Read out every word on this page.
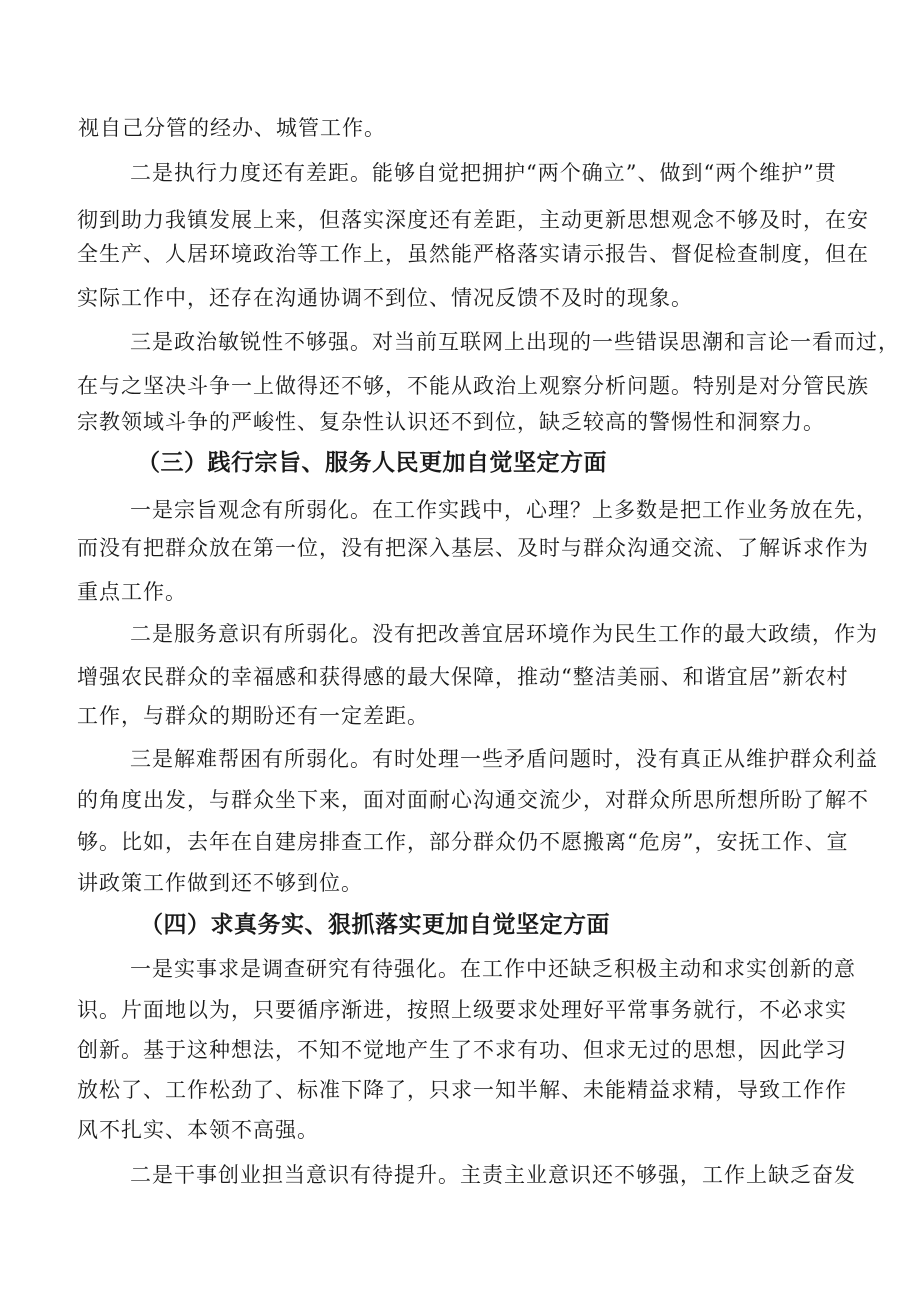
视自己分管的经办、城管工作。
二是执行力度还有差距。能够自觉把拥护“两个确立”、做到“两个维护”贯
彻到助力我镇发展上来，但落实深度还有差距，主动更新思想观念不够及时，在安
全生产、人居环境政治等工作上，虽然能严格落实请示报告、督促检查制度，但在
实际工作中，还存在沟通协调不到位、情况反馈不及时的现象。
三是政治敏锐性不够强。对当前互联网上出现的一些错误思潮和言论一看而过，
在与之坚决斗争一上做得还不够，不能从政治上观察分析问题。特别是对分管民族
宗教领域斗争的严峻性、复杂性认识还不到位，缺乏较高的警惕性和洞察力。
（三）践行宗旨、服务人民更加自觉坚定方面
一是宗旨观念有所弱化。在工作实践中，心理？上多数是把工作业务放在先，
而没有把群众放在第一位，没有把深入基层、及时与群众沟通交流、了解诉求作为
重点工作。
二是服务意识有所弱化。没有把改善宜居环境作为民生工作的最大政绩，作为
增强农民群众的幸福感和获得感的最大保障，推动“整洁美丽、和谐宜居”新农村
工作，与群众的期盼还有一定差距。
三是解难帮困有所弱化。有时处理一些矛盾问题时，没有真正从维护群众利益
的角度出发，与群众坐下来，面对面耐心沟通交流少，对群众所思所想所盼了解不
够。比如，去年在自建房排查工作，部分群众仍不愿搬离“危房”，安抚工作、宣
讲政策工作做到还不够到位。
（四）求真务实、狠抓落实更加自觉坚定方面
一是实事求是调查研究有待强化。在工作中还缺乏积极主动和求实创新的意
识。片面地以为，只要循序渐进，按照上级要求处理好平常事务就行，不必求实
创新。基于这种想法，不知不觉地产生了不求有功、但求无过的思想，因此学习
放松了、工作松劲了、标准下降了，只求一知半解、未能精益求精，导致工作作
风不扎实、本领不高强。
二是干事创业担当意识有待提升。主责主业意识还不够强，工作上缺乏奋发
